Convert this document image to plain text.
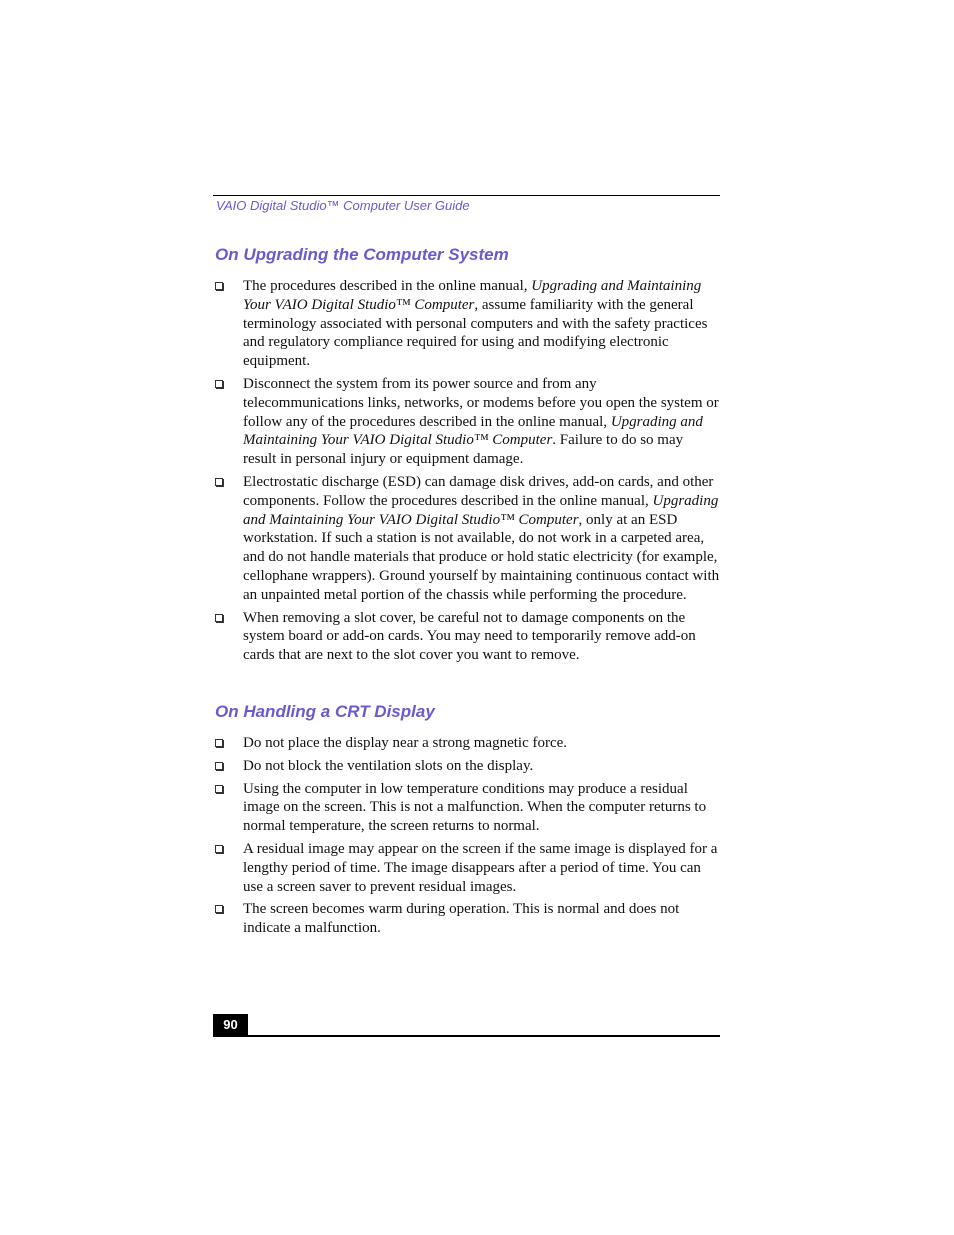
VAIO Digital Studio™ Computer User Guide
On Upgrading the Computer System
The procedures described in the online manual, Upgrading and Maintaining Your VAIO Digital Studio™ Computer, assume familiarity with the general terminology associated with personal computers and with the safety practices and regulatory compliance required for using and modifying electronic equipment.
Disconnect the system from its power source and from any telecommunications links, networks, or modems before you open the system or follow any of the procedures described in the online manual, Upgrading and Maintaining Your VAIO Digital Studio™ Computer. Failure to do so may result in personal injury or equipment damage.
Electrostatic discharge (ESD) can damage disk drives, add-on cards, and other components. Follow the procedures described in the online manual, Upgrading and Maintaining Your VAIO Digital Studio™ Computer, only at an ESD workstation. If such a station is not available, do not work in a carpeted area, and do not handle materials that produce or hold static electricity (for example, cellophane wrappers). Ground yourself by maintaining continuous contact with an unpainted metal portion of the chassis while performing the procedure.
When removing a slot cover, be careful not to damage components on the system board or add-on cards. You may need to temporarily remove add-on cards that are next to the slot cover you want to remove.
On Handling a CRT Display
Do not place the display near a strong magnetic force.
Do not block the ventilation slots on the display.
Using the computer in low temperature conditions may produce a residual image on the screen. This is not a malfunction. When the computer returns to normal temperature, the screen returns to normal.
A residual image may appear on the screen if the same image is displayed for a lengthy period of time. The image disappears after a period of time. You can use a screen saver to prevent residual images.
The screen becomes warm during operation. This is normal and does not indicate a malfunction.
90
